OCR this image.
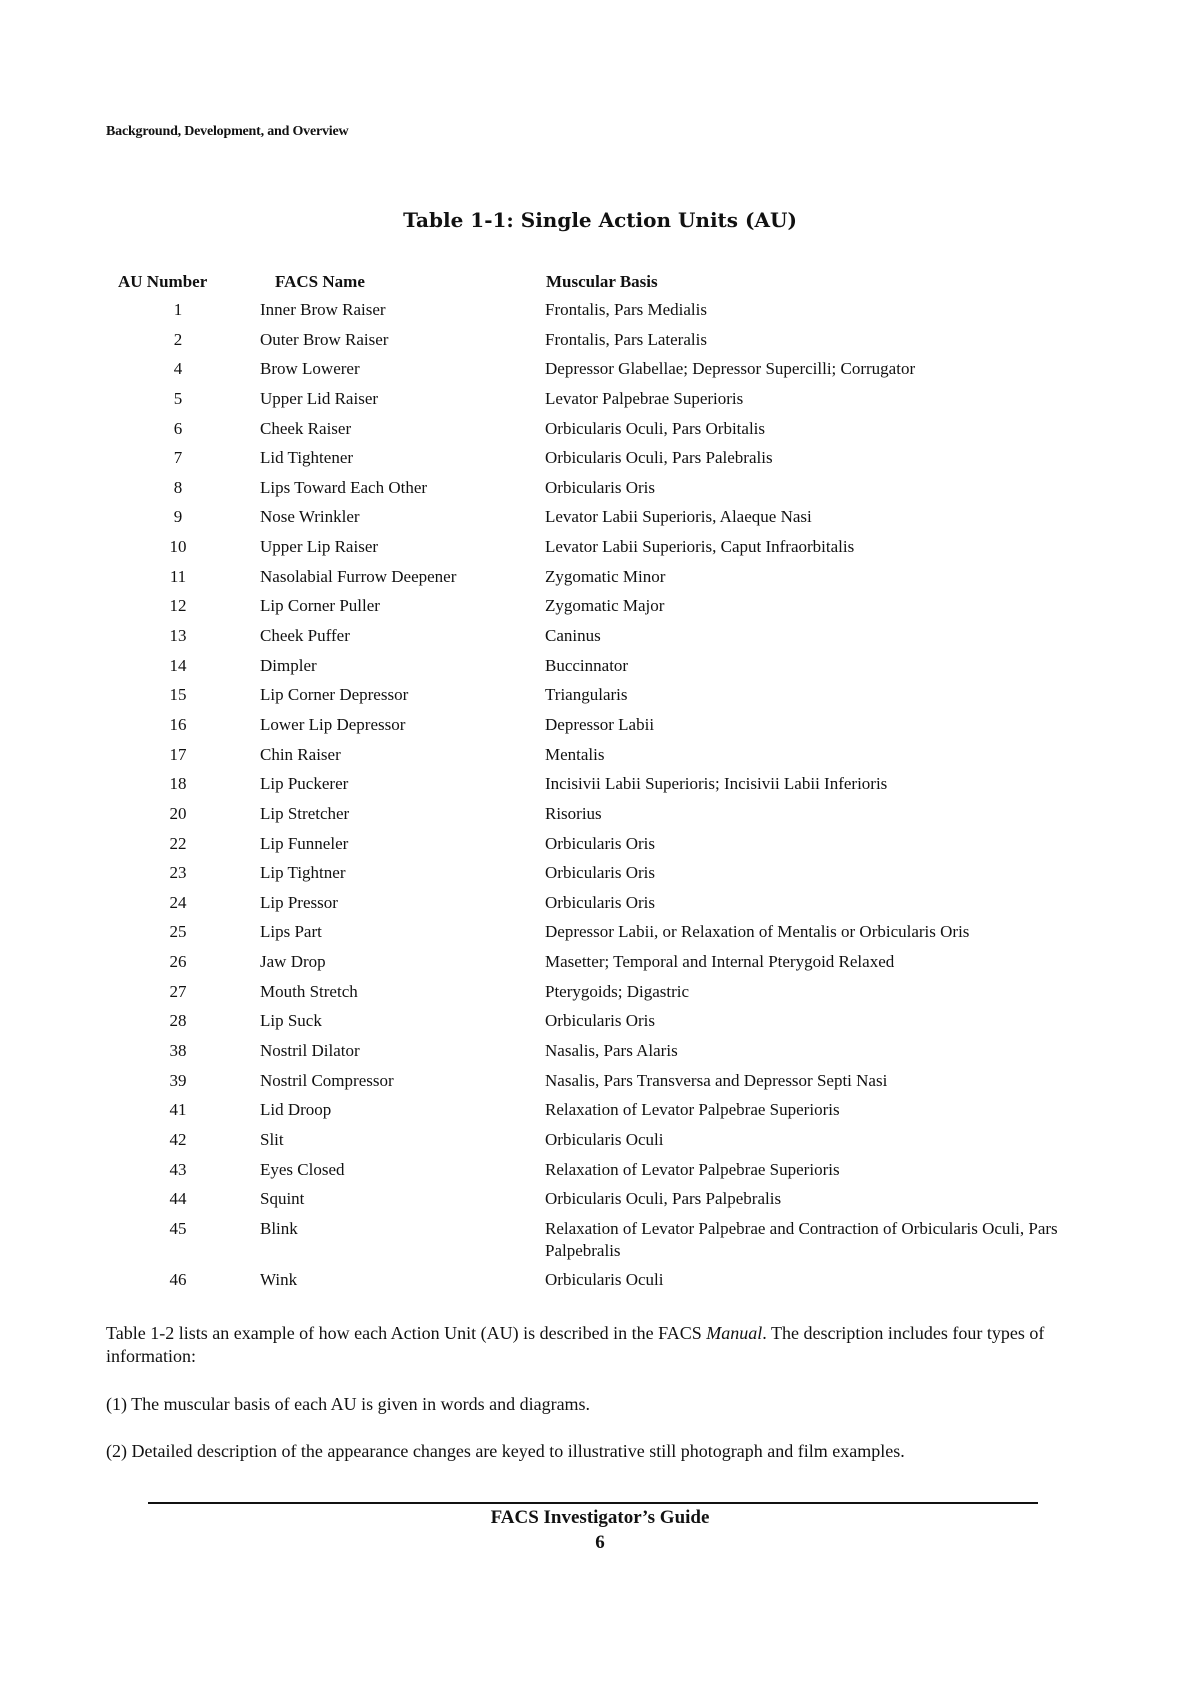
Background, Development, and Overview
Table 1-1: Single Action Units (AU)
AU Number	FACS Name	Muscular Basis
1	Inner Brow Raiser	Frontalis, Pars Medialis
2	Outer Brow Raiser	Frontalis, Pars Lateralis
4	Brow Lowerer	Depressor Glabellae; Depressor Supercilli; Corrugator
5	Upper Lid Raiser	Levator Palpebrae Superioris
6	Cheek Raiser	Orbicularis Oculi, Pars Orbitalis
7	Lid Tightener	Orbicularis Oculi, Pars Palebralis
8	Lips Toward Each Other	Orbicularis Oris
9	Nose Wrinkler	Levator Labii Superioris, Alaeque Nasi
10	Upper Lip Raiser	Levator Labii Superioris, Caput Infraorbitalis
11	Nasolabial Furrow Deepener	Zygomatic Minor
12	Lip Corner Puller	Zygomatic Major
13	Cheek Puffer	Caninus
14	Dimpler	Buccinnator
15	Lip Corner Depressor	Triangularis
16	Lower Lip Depressor	Depressor Labii
17	Chin Raiser	Mentalis
18	Lip Puckerer	Incisivii Labii Superioris; Incisivii Labii Inferioris
20	Lip Stretcher	Risorius
22	Lip Funneler	Orbicularis Oris
23	Lip Tightner	Orbicularis Oris
24	Lip Pressor	Orbicularis Oris
25	Lips Part	Depressor Labii, or Relaxation of Mentalis or Orbicularis Oris
26	Jaw Drop	Masetter; Temporal and Internal Pterygoid Relaxed
27	Mouth Stretch	Pterygoids; Digastric
28	Lip Suck	Orbicularis Oris
38	Nostril Dilator	Nasalis, Pars Alaris
39	Nostril Compressor	Nasalis, Pars Transversa and Depressor Septi Nasi
41	Lid Droop	Relaxation of Levator Palpebrae Superioris
42	Slit	Orbicularis Oculi
43	Eyes Closed	Relaxation of Levator Palpebrae Superioris
44	Squint	Orbicularis Oculi, Pars Palpebralis
45	Blink	Relaxation of Levator Palpebrae and Contraction of Orbicularis Oculi, Pars Palpebralis
46	Wink	Orbicularis Oculi
Table 1-2 lists an example of how each Action Unit (AU) is described in the FACS Manual. The description includes four types of information:
(1) The muscular basis of each AU is given in words and diagrams.
(2) Detailed description of the appearance changes are keyed to illustrative still photograph and film examples.
FACS Investigator’s Guide
6
